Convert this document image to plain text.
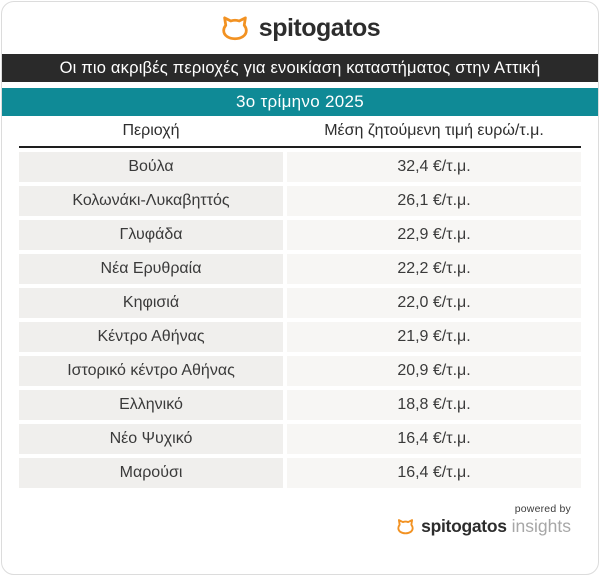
spitogatos
Οι πιο ακριβές περιοχές για ενοικίαση καταστήματος στην Αττική
3ο τρίμηνο 2025
Περιοχή	Μέση ζητούμενη τιμή ευρώ/τ.μ.
Βούλα	32,4 €/τ.μ.
Κολωνάκι-Λυκαβηττός	26,1 €/τ.μ.
Γλυφάδα	22,9 €/τ.μ.
Νέα Ερυθραία	22,2 €/τ.μ.
Κηφισιά	22,0 €/τ.μ.
Κέντρο Αθήνας	21,9 €/τ.μ.
Ιστορικό κέντρο Αθήνας	20,9 €/τ.μ.
Ελληνικό	18,8 €/τ.μ.
Νέο Ψυχικό	16,4 €/τ.μ.
Μαρούσι	16,4 €/τ.μ.
powered by
spitogatos insights
